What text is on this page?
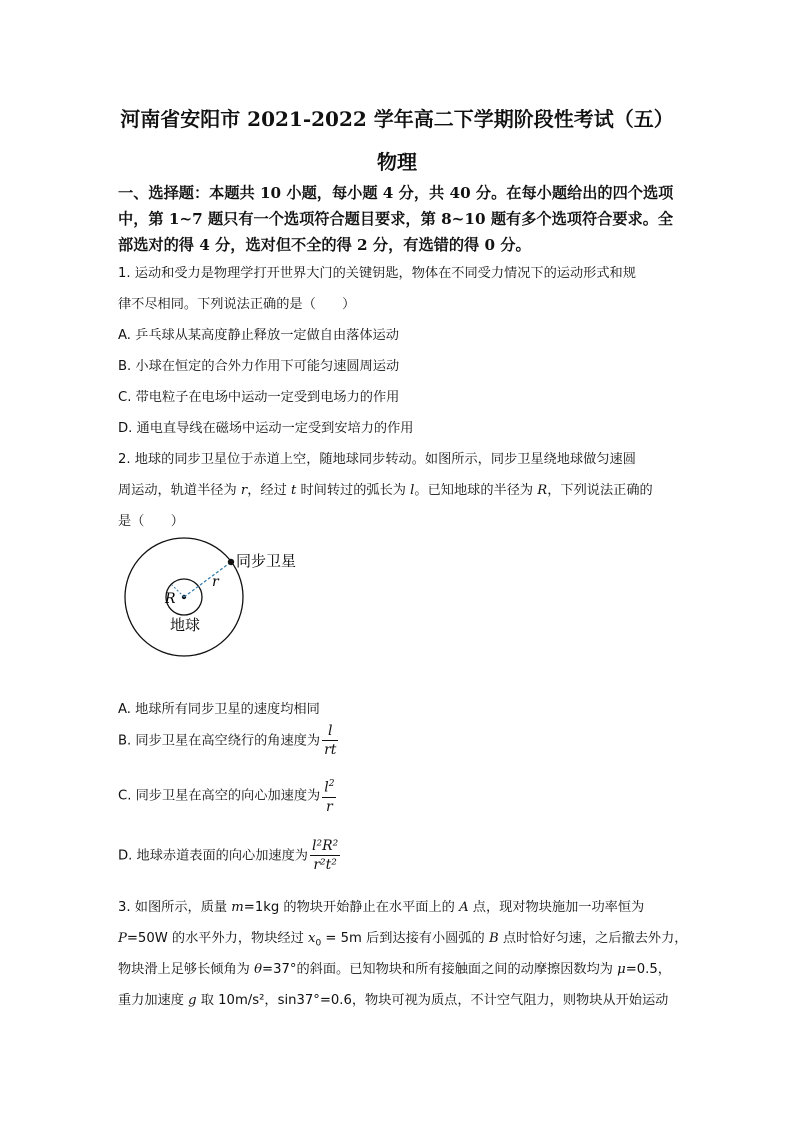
河南省安阳市 2021-2022 学年高二下学期阶段性考试（五）
物理
一、选择题：本题共 10 小题，每小题 4 分，共 40 分。在每小题给出的四个选项中，第 1~7 题只有一个选项符合题目要求，第 8~10 题有多个选项符合要求。全部选对的得 4 分，选对但不全的得 2 分，有选错的得 0 分。
1. 运动和受力是物理学打开世界大门的关键钥匙，物体在不同受力情况下的运动形式和规
律不尽相同。下列说法正确的是（　　）
A. 乒乓球从某高度静止释放一定做自由落体运动
B. 小球在恒定的合外力作用下可能匀速圆周运动
C. 带电粒子在电场中运动一定受到电场力的作用
D. 通电直导线在磁场中运动一定受到安培力的作用
2. 地球的同步卫星位于赤道上空，随地球同步转动。如图所示，同步卫星绕地球做匀速圆
周运动，轨道半径为 r，经过 t 时间转过的弧长为 l。已知地球的半径为 R，下列说法正确的
是（　　）
同步卫星
r
R
地球
A. 地球所有同步卫星的速度均相同
B. 同步卫星在高空绕行的角速度为 $\frac{l}{rt}$
C. 同步卫星在高空的向心加速度为 $\frac{l^2}{r}$
D. 地球赤道表面的向心加速度为 $\frac{\text{l²R²}}{\text{r²t²}}$
3. 如图所示，质量 m=1kg 的物块开始静止在水平面上的 A 点，现对物块施加一功率恒为
P=50W 的水平外力，物块经过 $x_0 = 5m$ 后到达接有小圆弧的 B 点时恰好匀速，之后撤去外力，
物块滑上足够长倾角为 θ=37°的斜面。已知物块和所有接触面之间的动摩擦因数均为 μ=0.5，
重力加速度 g 取 10m/s²，sin37°=0.6，物块可视为质点，不计空气阻力，则物块从开始运动
